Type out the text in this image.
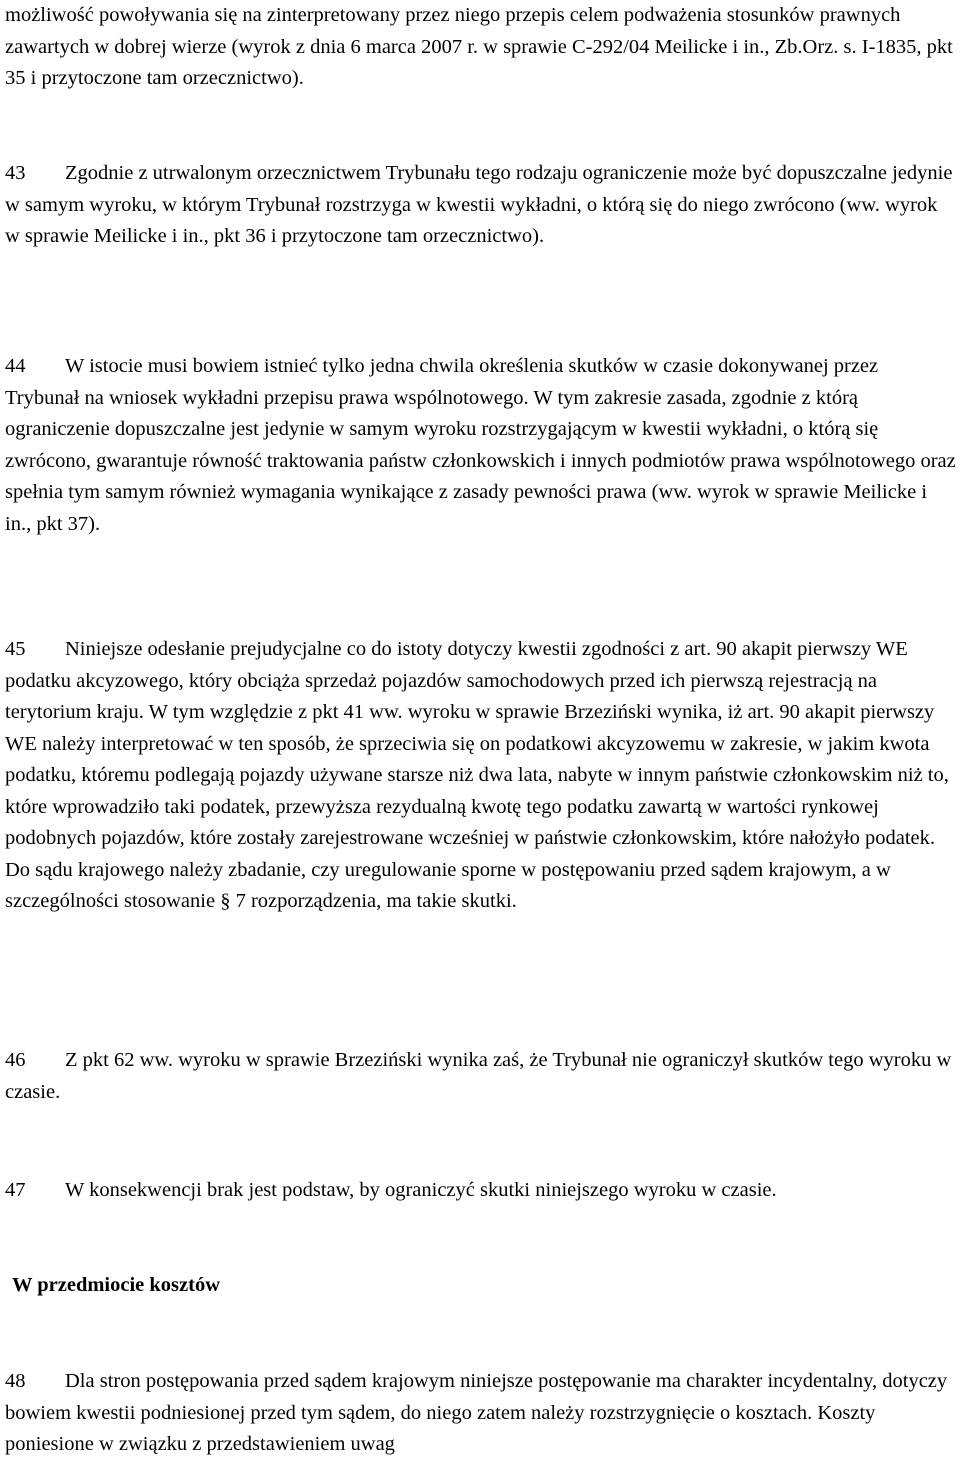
możliwość powoływania się na zinterpretowany przez niego przepis celem podważenia stosunków prawnych zawartych w dobrej wierze (wyrok z dnia 6 marca 2007 r. w sprawie C‑292/04 Meilicke i in., Zb.Orz. s. I‑1835, pkt 35 i przytoczone tam orzecznictwo).

43 Zgodnie z utrwalonym orzecznictwem Trybunału tego rodzaju ograniczenie może być dopuszczalne jedynie w samym wyroku, w którym Trybunał rozstrzyga w kwestii wykładni, o którą się do niego zwrócono (ww. wyrok w sprawie Meilicke i in., pkt 36 i przytoczone tam orzecznictwo).

44 W istocie musi bowiem istnieć tylko jedna chwila określenia skutków w czasie dokonywanej przez Trybunał na wniosek wykładni przepisu prawa wspólnotowego. W tym zakresie zasada, zgodnie z którą ograniczenie dopuszczalne jest jedynie w samym wyroku rozstrzygającym w kwestii wykładni, o którą się zwrócono, gwarantuje równość traktowania państw członkowskich i innych podmiotów prawa wspólnotowego oraz spełnia tym samym również wymagania wynikające z zasady pewności prawa (ww. wyrok w sprawie Meilicke i in., pkt 37).

45 Niniejsze odesłanie prejudycjalne co do istoty dotyczy kwestii zgodności z art. 90 akapit pierwszy WE podatku akcyzowego, który obciąża sprzedaż pojazdów samochodowych przed ich pierwszą rejestracją na terytorium kraju. W tym względzie z pkt 41 ww. wyroku w sprawie Brzeziński wynika, iż art. 90 akapit pierwszy WE należy interpretować w ten sposób, że sprzeciwia się on podatkowi akcyzowemu w zakresie, w jakim kwota podatku, któremu podlegają pojazdy używane starsze niż dwa lata, nabyte w innym państwie członkowskim niż to, które wprowadziło taki podatek, przewyższa rezydualną kwotę tego podatku zawartą w wartości rynkowej podobnych pojazdów, które zostały zarejestrowane wcześniej w państwie członkowskim, które nałożyło podatek. Do sądu krajowego należy zbadanie, czy uregulowanie sporne w postępowaniu przed sądem krajowym, a w szczególności stosowanie § 7 rozporządzenia, ma takie skutki.

46 Z pkt 62 ww. wyroku w sprawie Brzeziński wynika zaś, że Trybunał nie ograniczył skutków tego wyroku w czasie.

47 W konsekwencji brak jest podstaw, by ograniczyć skutki niniejszego wyroku w czasie.

W przedmiocie kosztów

48 Dla stron postępowania przed sądem krajowym niniejsze postępowanie ma charakter incydentalny, dotyczy bowiem kwestii podniesionej przed tym sądem, do niego zatem należy rozstrzygnięcie o kosztach. Koszty poniesione w związku z przedstawieniem uwag
